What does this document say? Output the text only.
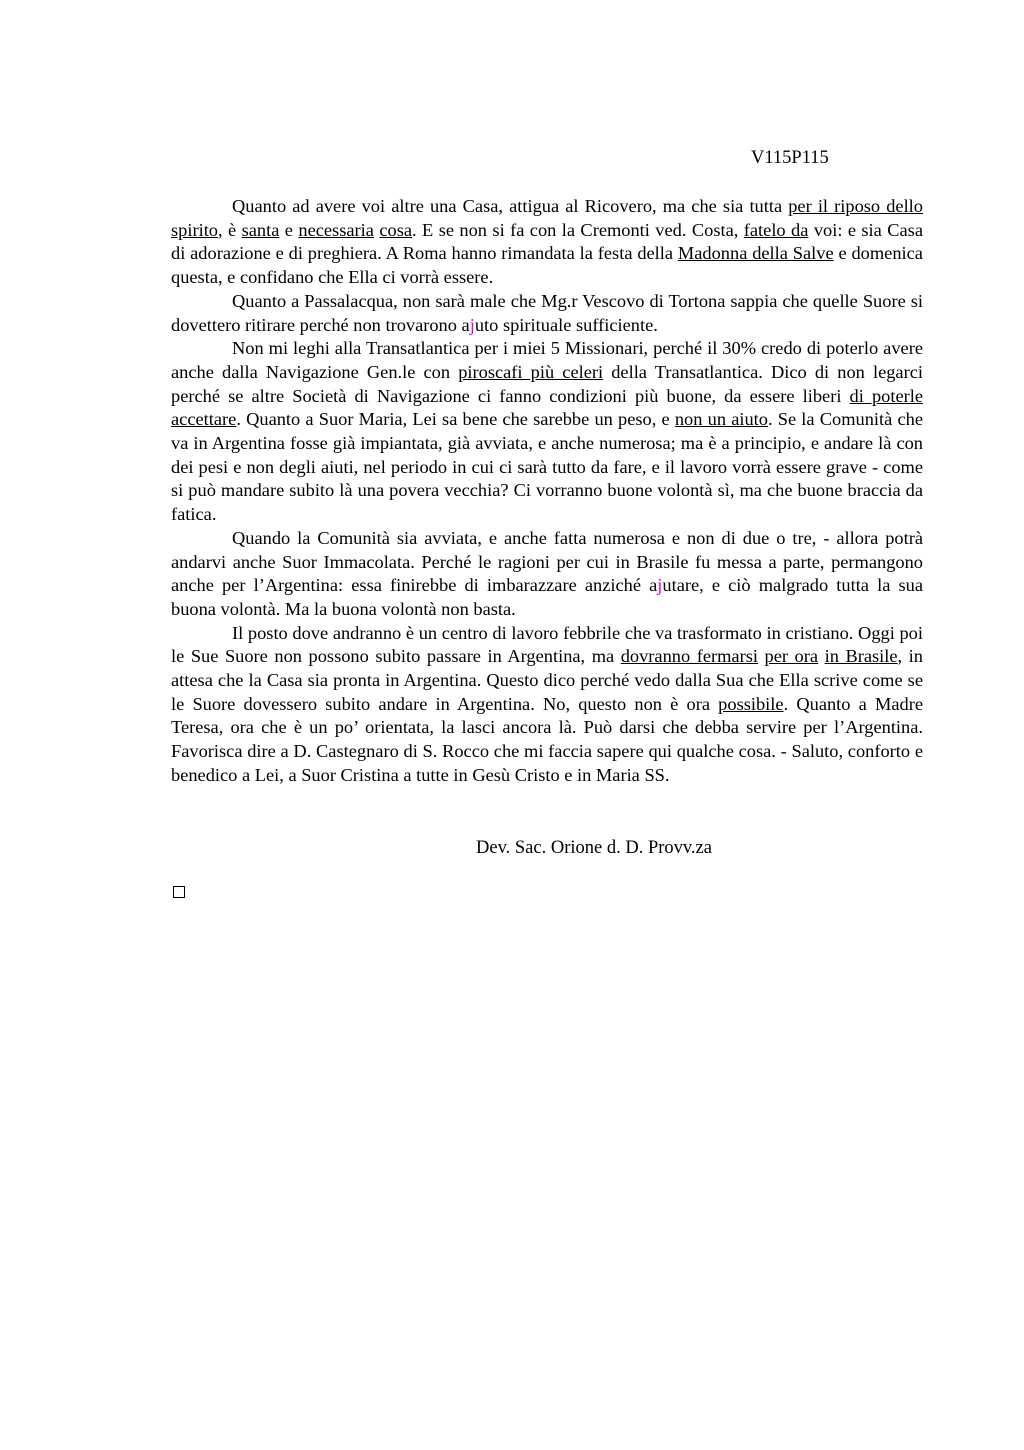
V115P115

Quanto ad avere voi altre una Casa, attigua al Ricovero, ma che sia tutta per il riposo dello spirito, è santa e necessaria cosa. E se non si fa con la Cremonti ved. Costa, fatelo da voi: e sia Casa di adorazione e di preghiera. A Roma hanno rimandata la festa della Madonna della Salve e domenica questa, e confidano che Ella ci vorrà essere.

Quanto a Passalacqua, non sarà male che Mg.r Vescovo di Tortona sappia che quelle Suore si dovettero ritirare perché non trovarono ajuto spirituale sufficiente.

Non mi leghi alla Transatlantica per i miei 5 Missionari, perché il 30% credo di poterlo avere anche dalla Navigazione Gen.le con piroscafi più celeri della Transatlantica. Dico di non legarci perché se altre Società di Navigazione ci fanno condizioni più buone, da essere liberi di poterle accettare. Quanto a Suor Maria, Lei sa bene che sarebbe un peso, e non un aiuto. Se la Comunità che va in Argentina fosse già impiantata, già avviata, e anche numerosa; ma è a principio, e andare là con dei pesi e non degli aiuti, nel periodo in cui ci sarà tutto da fare, e il lavoro vorrà essere grave - come si può mandare subito là una povera vecchia? Ci vorranno buone volontà sì, ma che buone braccia da fatica.

Quando la Comunità sia avviata, e anche fatta numerosa e non di due o tre, - allora potrà andarvi anche Suor Immacolata. Perché le ragioni per cui in Brasile fu messa a parte, permangono anche per l’Argentina: essa finirebbe di imbarazzare anziché ajutare, e ciò malgrado tutta la sua buona volontà. Ma la buona volontà non basta.

Il posto dove andranno è un centro di lavoro febbrile che va trasformato in cristiano. Oggi poi le Sue Suore non possono subito passare in Argentina, ma dovranno fermarsi per ora in Brasile, in attesa che la Casa sia pronta in Argentina. Questo dico perché vedo dalla Sua che Ella scrive come se le Suore dovessero subito andare in Argentina. No, questo non è ora possibile. Quanto a Madre Teresa, ora che è un po’ orientata, la lasci ancora là. Può darsi che debba servire per l’Argentina. Favorisca dire a D. Castegnaro di S. Rocco che mi faccia sapere qui qualche cosa. - Saluto, conforto e benedico a Lei, a Suor Cristina a tutte in Gesù Cristo e in Maria SS.

Dev. Sac. Orione d. D. Provv.za
